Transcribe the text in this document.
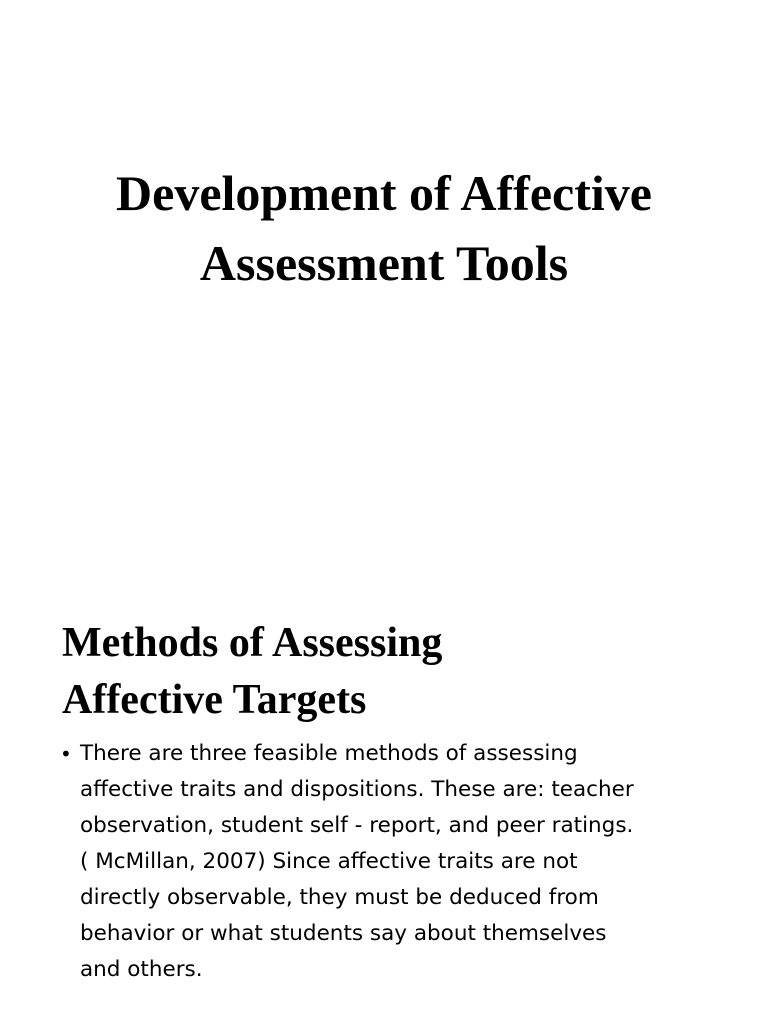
Development of Affective
Assessment Tools
Methods of Assessing
Affective Targets
• There are three feasible methods of assessing
affective traits and dispositions. These are: teacher
observation, student self - report, and peer ratings.
( McMillan, 2007) Since affective traits are not
directly observable, they must be deduced from
behavior or what students say about themselves
and others.
